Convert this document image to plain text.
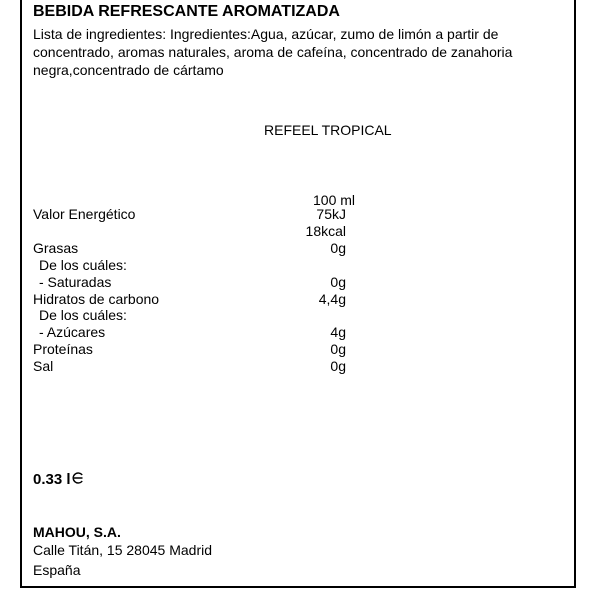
BEBIDA REFRESCANTE AROMATIZADA
Lista de ingredientes: Ingredientes:Agua, azúcar, zumo de limón a partir de concentrado, aromas naturales, aroma de cafeína, concentrado de zanahoria negra,concentrado de cártamo
REFEEL TROPICAL
100 ml
Valor Energético	75kJ
18kcal
Grasas	0g
De los cuáles:
- Saturadas	0g
Hidratos de carbono	4,4g
De los cuáles:
- Azúcares	4g
Proteínas	0g
Sal	0g
0.33 l
MAHOU, S.A.
Calle Titán, 15 28045 Madrid
España
